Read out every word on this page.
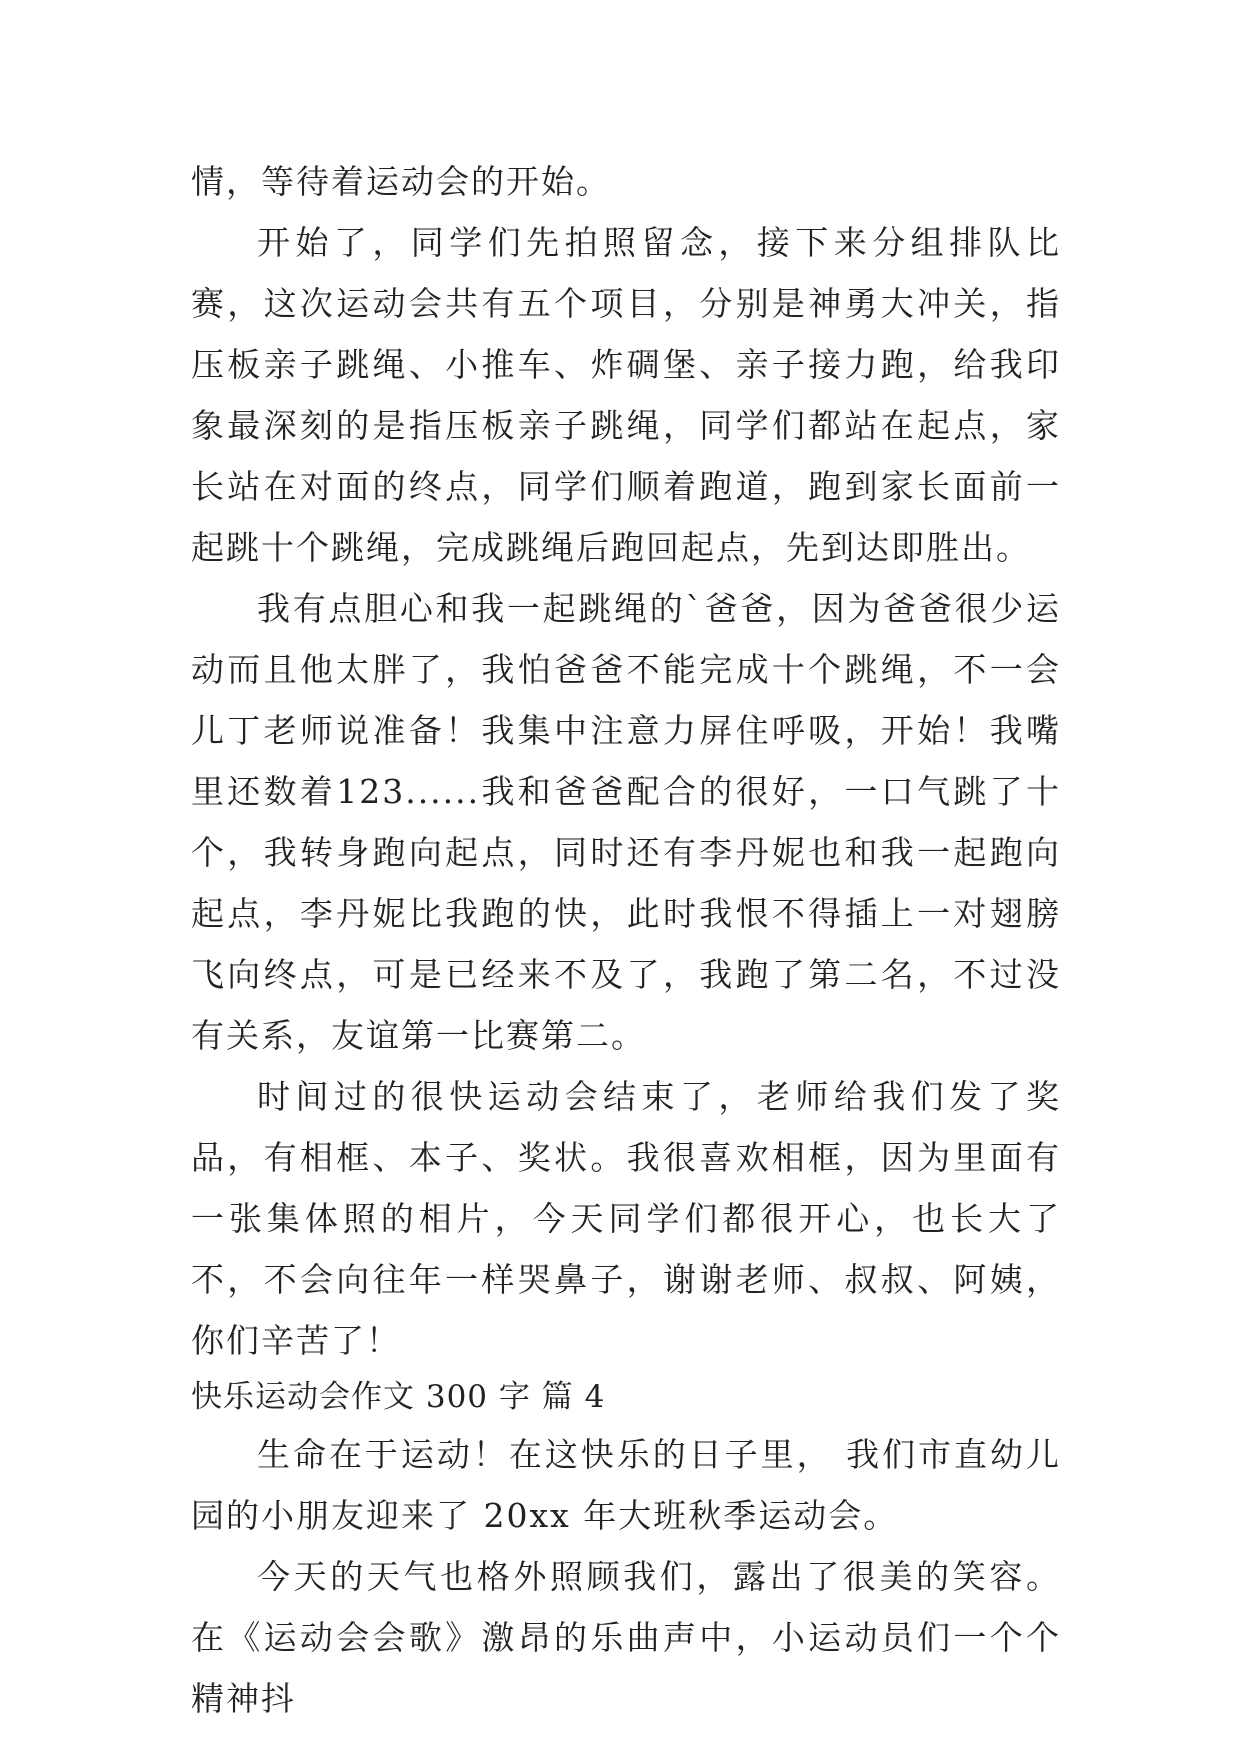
情，等待着运动会的开始。

开始了，同学们先拍照留念，接下来分组排队比赛，这次运动会共有五个项目，分别是神勇大冲关，指压板亲子跳绳、小推车、炸碉堡、亲子接力跑，给我印象最深刻的是指压板亲子跳绳，同学们都站在起点，家长站在对面的终点，同学们顺着跑道，跑到家长面前一起跳十个跳绳，完成跳绳后跑回起点，先到达即胜出。

我有点胆心和我一起跳绳的`爸爸，因为爸爸很少运动而且他太胖了，我怕爸爸不能完成十个跳绳，不一会儿丁老师说准备！我集中注意力屏住呼吸，开始！我嘴里还数着123......我和爸爸配合的很好，一口气跳了十个，我转身跑向起点，同时还有李丹妮也和我一起跑向起点，李丹妮比我跑的快，此时我恨不得插上一对翅膀飞向终点，可是已经来不及了，我跑了第二名，不过没有关系，友谊第一比赛第二。

时间过的很快运动会结束了，老师给我们发了奖品，有相框、本子、奖状。我很喜欢相框，因为里面有一张集体照的相片，今天同学们都很开心，也长大了不，不会向往年一样哭鼻子，谢谢老师、叔叔、阿姨，你们辛苦了！

快乐运动会作文 300 字 篇 4

生命在于运动！在这快乐的日子里， 我们市直幼儿园的小朋友迎来了 20xx 年大班秋季运动会。

今天的天气也格外照顾我们，露出了很美的笑容。在《运动会会歌》激昂的乐曲声中，小运动员们一个个精神抖
